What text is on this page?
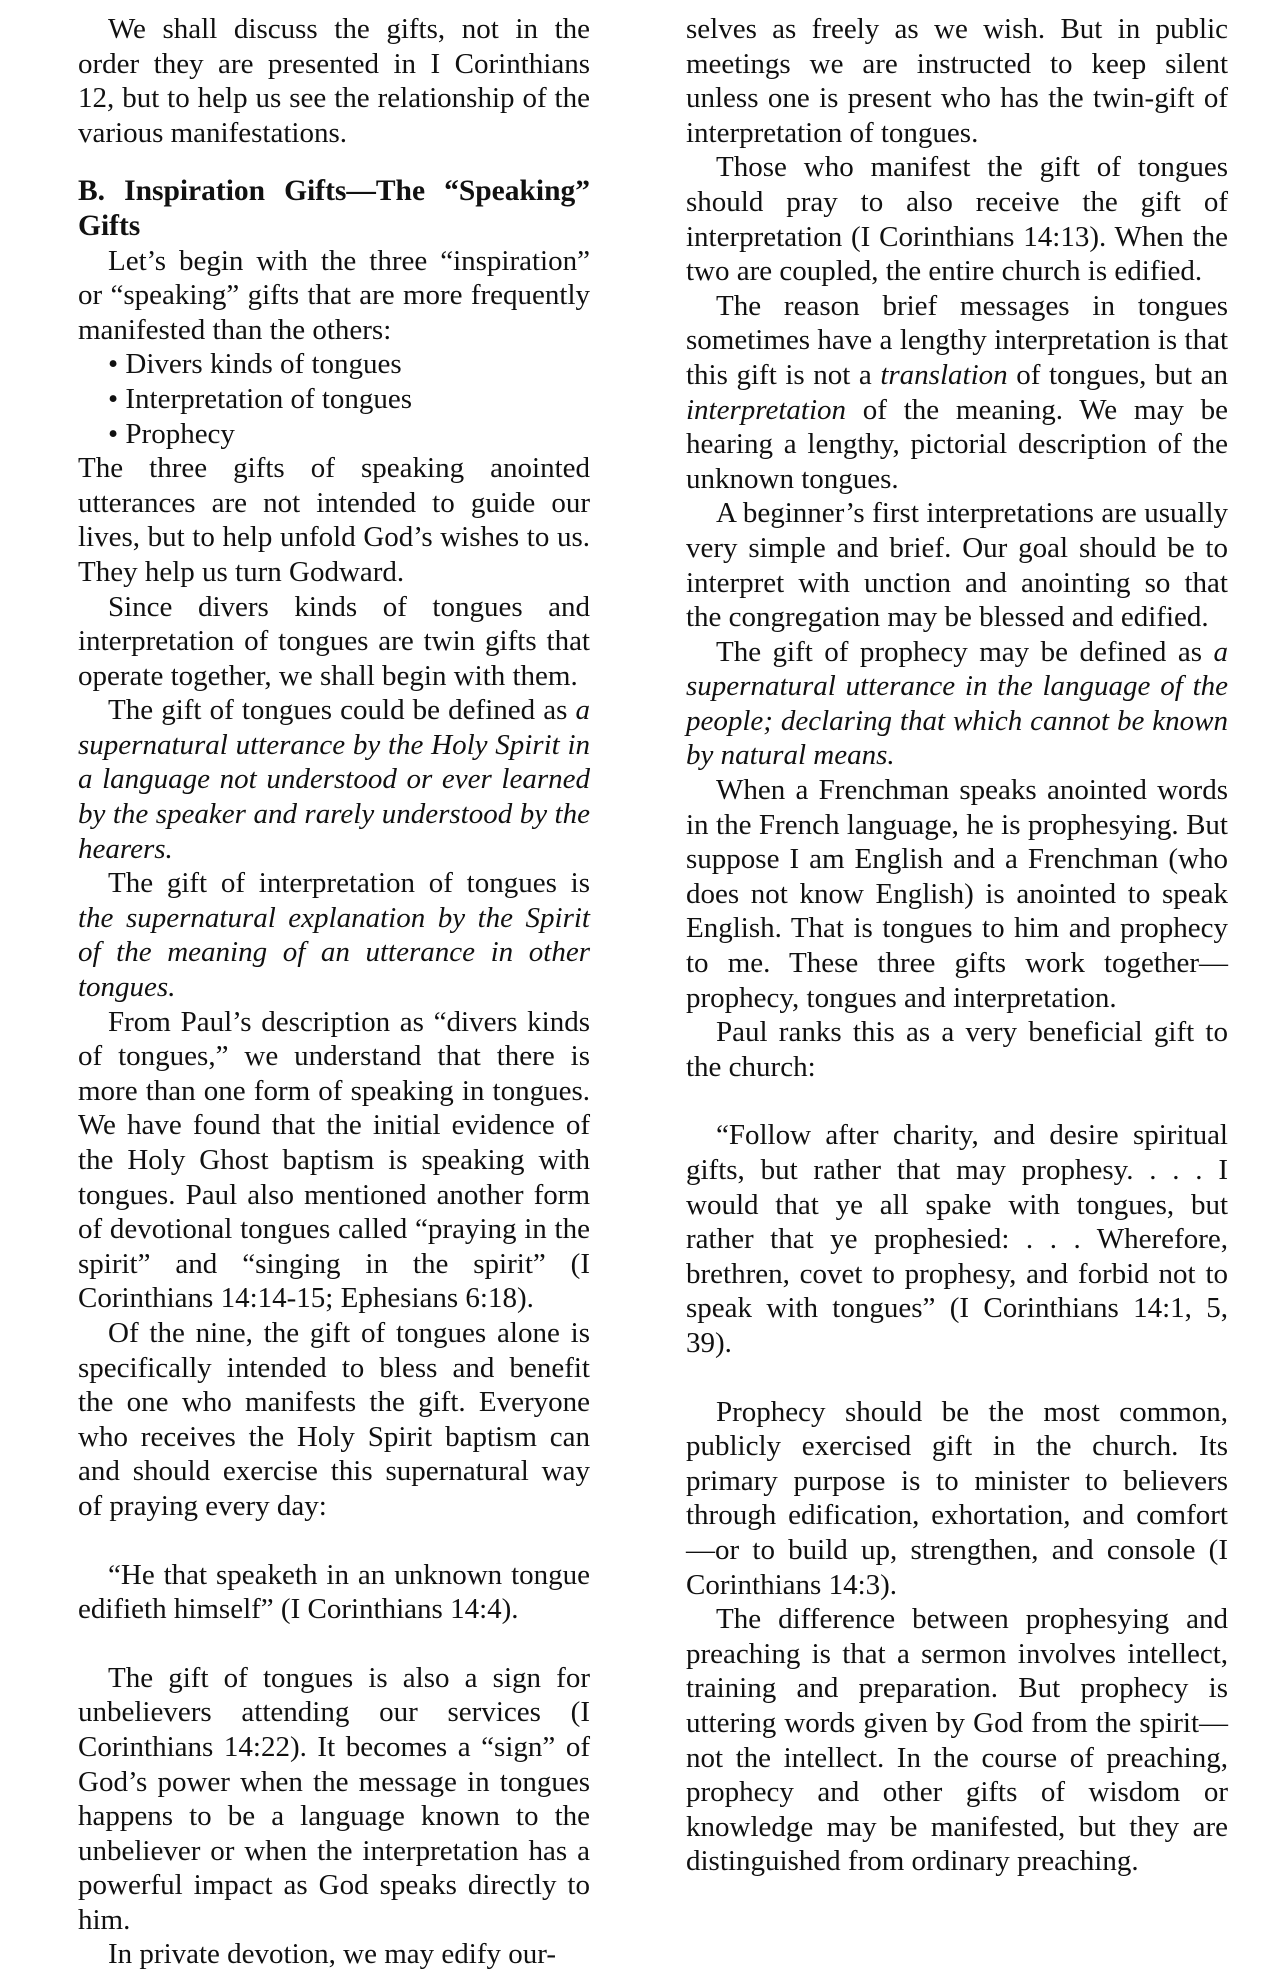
We shall discuss the gifts, not in the order they are presented in I Corinthians 12, but to help us see the relationship of the various manifestations.

B. Inspiration Gifts—The “Speaking” Gifts

Let’s begin with the three “inspiration” or “speaking” gifts that are more frequently manifested than the others:

• Divers kinds of tongues

• Interpretation of tongues

• Prophecy

The three gifts of speaking anointed utterances are not intended to guide our lives, but to help unfold God’s wishes to us. They help us turn Godward.

Since divers kinds of tongues and interpretation of tongues are twin gifts that operate together, we shall begin with them.

The gift of tongues could be defined as a supernatural utterance by the Holy Spirit in a language not understood or ever learned by the speaker and rarely understood by the hearers.

The gift of interpretation of tongues is the supernatural explanation by the Spirit of the meaning of an utterance in other tongues.

From Paul’s description as “divers kinds of tongues,” we understand that there is more than one form of speaking in tongues. We have found that the initial evidence of the Holy Ghost baptism is speaking with tongues. Paul also mentioned another form of devotional tongues called “praying in the spirit” and “singing in the spirit” (I Corinthians 14:14-15; Ephesians 6:18).

Of the nine, the gift of tongues alone is specifically intended to bless and benefit the one who manifests the gift. Everyone who receives the Holy Spirit baptism can and should exercise this supernatural way of praying every day:

“He that speaketh in an unknown tongue edifieth himself” (I Corinthians 14:4).

The gift of tongues is also a sign for unbelievers attending our services (I Corinthians 14:22). It becomes a “sign” of God’s power when the message in tongues happens to be a language known to the unbeliever or when the interpretation has a powerful impact as God speaks directly to him.

In private devotion, we may edify our-

selves as freely as we wish. But in public meetings we are instructed to keep silent unless one is present who has the twin-gift of interpretation of tongues.

Those who manifest the gift of tongues should pray to also receive the gift of interpretation (I Corinthians 14:13). When the two are coupled, the entire church is edified.

The reason brief messages in tongues sometimes have a lengthy interpretation is that this gift is not a translation of tongues, but an interpretation of the meaning. We may be hearing a lengthy, pictorial description of the unknown tongues.

A beginner’s first interpretations are usually very simple and brief. Our goal should be to interpret with unction and anointing so that the congregation may be blessed and edified.

The gift of prophecy may be defined as a supernatural utterance in the language of the people; declaring that which cannot be known by natural means.

When a Frenchman speaks anointed words in the French language, he is prophesying. But suppose I am English and a Frenchman (who does not know English) is anointed to speak English. That is tongues to him and prophecy to me. These three gifts work together—prophecy, tongues and interpretation.

Paul ranks this as a very beneficial gift to the church:

“Follow after charity, and desire spiritual gifts, but rather that may prophesy. . . . I would that ye all spake with tongues, but rather that ye prophesied: . . . Wherefore, brethren, covet to prophesy, and forbid not to speak with tongues” (I Corinthians 14:1, 5, 39).

Prophecy should be the most common, publicly exercised gift in the church. Its primary purpose is to minister to believers through edification, exhortation, and comfort—or to build up, strengthen, and console (I Corinthians 14:3).

The difference between prophesying and preaching is that a sermon involves intellect, training and preparation. But prophecy is uttering words given by God from the spirit—not the intellect. In the course of preaching, prophecy and other gifts of wisdom or knowledge may be manifested, but they are distinguished from ordinary preaching.
